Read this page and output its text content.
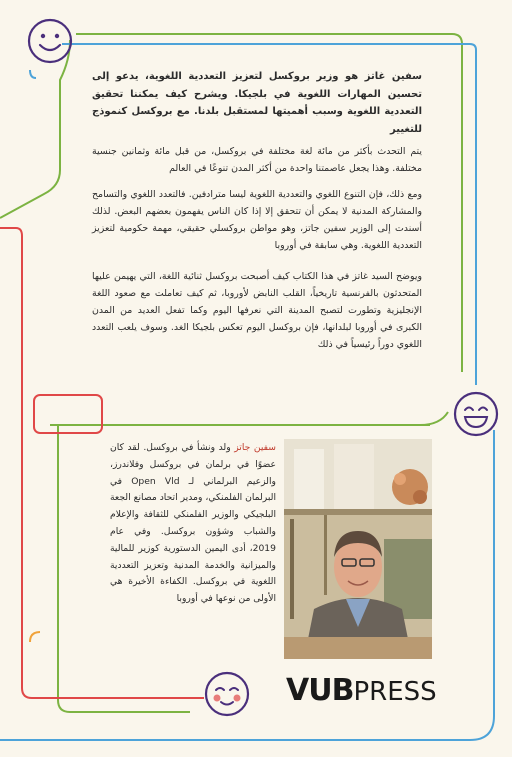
سفين غاتز هو وزير بروكسل لتعزيز التعددية اللغوية، يدعو إلى تحسين المهارات اللغوية في بلجيكا. ويشرح كيف يمكننا تحقيق التعددية اللغوية وسبب أهميتها لمستقبل بلدنا. مع بروكسل كنموذج للتغيير
يتم التحدث بأكثر من مائة لغة مختلفة في بروكسل، من قبل مائة وثمانين جنسية مختلفة. وهذا يجعل عاصمتنا واحدة من أكثر المدن تنوعًا في العالم
ومع ذلك، فإن التنوع اللغوي والتعددية اللغوية ليسا مترادفين. فالتعدد اللغوي والتسامح والمشاركة المدنية لا يمكن أن تتحقق إلا إذا كان الناس يفهمون بعضهم البعض. لذلك أسندت إلى الوزير سفين جاتز، وهو مواطن بروكسلي حقيقي، مهمة حكومية لتعزيز التعددية اللغوية. وهي سابقة في أوروبا
ويوضح السيد غاتز في هذا الكتاب كيف أصبحت بروكسل ثنائية اللغة، التي يهيمن عليها المتحدثون بالفرنسية تاريخياً، القلب النابض لأوروبا، ثم كيف تعاملت مع صعود اللغة الإنجليزية وتطورت لتصبح المدينة التي نعرفها اليوم وكما تفعل العديد من المدن الكبرى في أوروبا لبلدانها، فإن بروكسل اليوم تعكس بلجيكا الغد. وسوف يلعب التعدد اللغوي دوراً رئيسياً في ذلك
سفين جاتز ولد ونشأ في بروكسل. لقد كان عضوًا في برلمان في بروكسل وفلاندرز، والزعيم البرلماني لـ Open Vld في البرلمان الفلمنكي، ومدير اتحاد مصانع الجعة البلجيكي والوزير الفلمنكي للثقافة والإعلام والشباب وشؤون بروكسل. وفي عام 2019، أدى اليمين الدستورية كوزير للمالية والميزانية والخدمة المدنية وتعزيز التعددية اللغوية في بروكسل. الكفاءة الأخيرة هي الأولى من نوعها في أوروبا
VUBPRESS
